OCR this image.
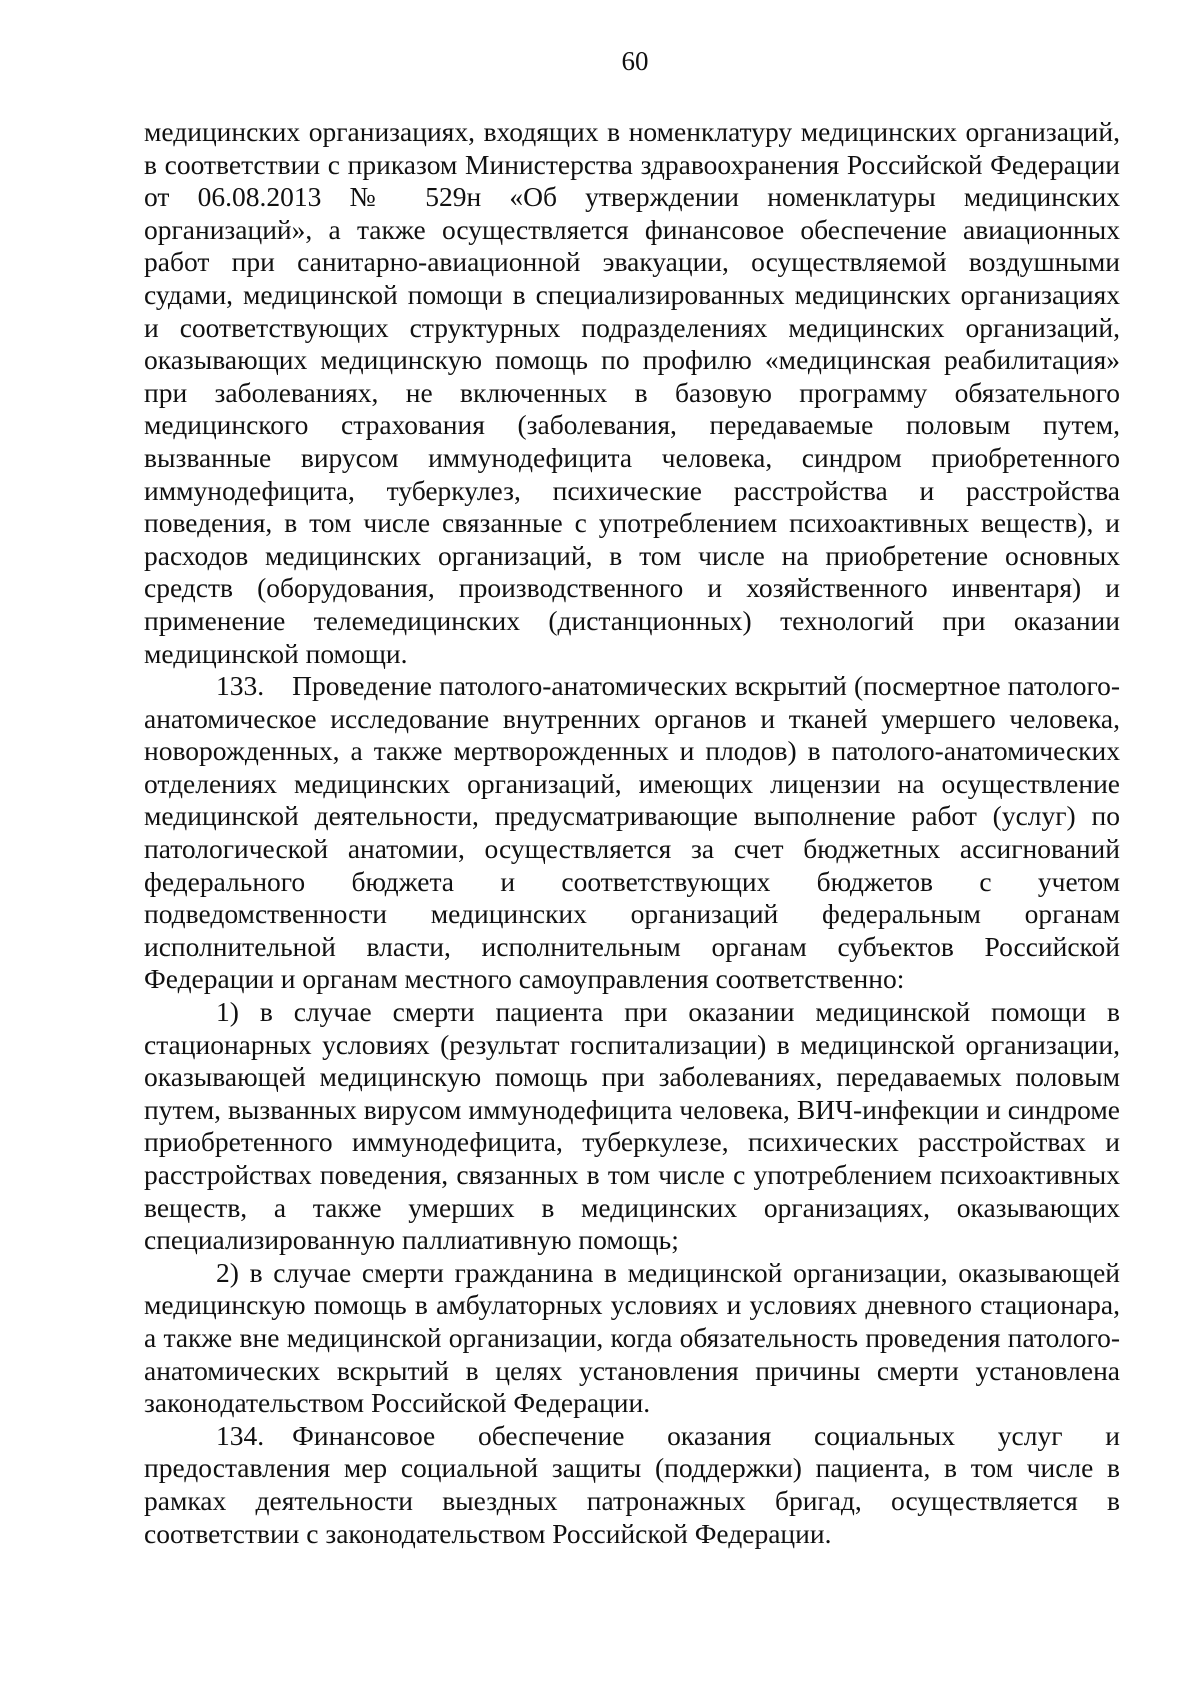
60

медицинских организациях, входящих в номенклатуру медицинских организаций, в соответствии с приказом Министерства здравоохранения Российской Федерации от 06.08.2013 № 529н «Об утверждении номенклатуры медицинских организаций», а также осуществляется финансовое обеспечение авиационных работ при санитарно-авиационной эвакуации, осуществляемой воздушными судами, медицинской помощи в специализированных медицинских организациях и соответствующих структурных подразделениях медицинских организаций, оказывающих медицинскую помощь по профилю «медицинская реабилитация» при заболеваниях, не включенных в базовую программу обязательного медицинского страхования (заболевания, передаваемые половым путем, вызванные вирусом иммунодефицита человека, синдром приобретенного иммунодефицита, туберкулез, психические расстройства и расстройства поведения, в том числе связанные с употреблением психоактивных веществ), и расходов медицинских организаций, в том числе на приобретение основных средств (оборудования, производственного и хозяйственного инвентаря) и применение телемедицинских (дистанционных) технологий при оказании медицинской помощи.

133. Проведение патолого-анатомических вскрытий (посмертное патолого-анатомическое исследование внутренних органов и тканей умершего человека, новорожденных, а также мертворожденных и плодов) в патолого-анатомических отделениях медицинских организаций, имеющих лицензии на осуществление медицинской деятельности, предусматривающие выполнение работ (услуг) по патологической анатомии, осуществляется за счет бюджетных ассигнований федерального бюджета и соответствующих бюджетов с учетом подведомственности медицинских организаций федеральным органам исполнительной власти, исполнительным органам субъектов Российской Федерации и органам местного самоуправления соответственно:

1) в случае смерти пациента при оказании медицинской помощи в стационарных условиях (результат госпитализации) в медицинской организации, оказывающей медицинскую помощь при заболеваниях, передаваемых половым путем, вызванных вирусом иммунодефицита человека, ВИЧ-инфекции и синдроме приобретенного иммунодефицита, туберкулезе, психических расстройствах и расстройствах поведения, связанных в том числе с употреблением психоактивных веществ, а также умерших в медицинских организациях, оказывающих специализированную паллиативную помощь;

2) в случае смерти гражданина в медицинской организации, оказывающей медицинскую помощь в амбулаторных условиях и условиях дневного стационара, а также вне медицинской организации, когда обязательность проведения патолого-анатомических вскрытий в целях установления причины смерти установлена законодательством Российской Федерации.

134. Финансовое обеспечение оказания социальных услуг и предоставления мер социальной защиты (поддержки) пациента, в том числе в рамках деятельности выездных патронажных бригад, осуществляется в соответствии с законодательством Российской Федерации.
